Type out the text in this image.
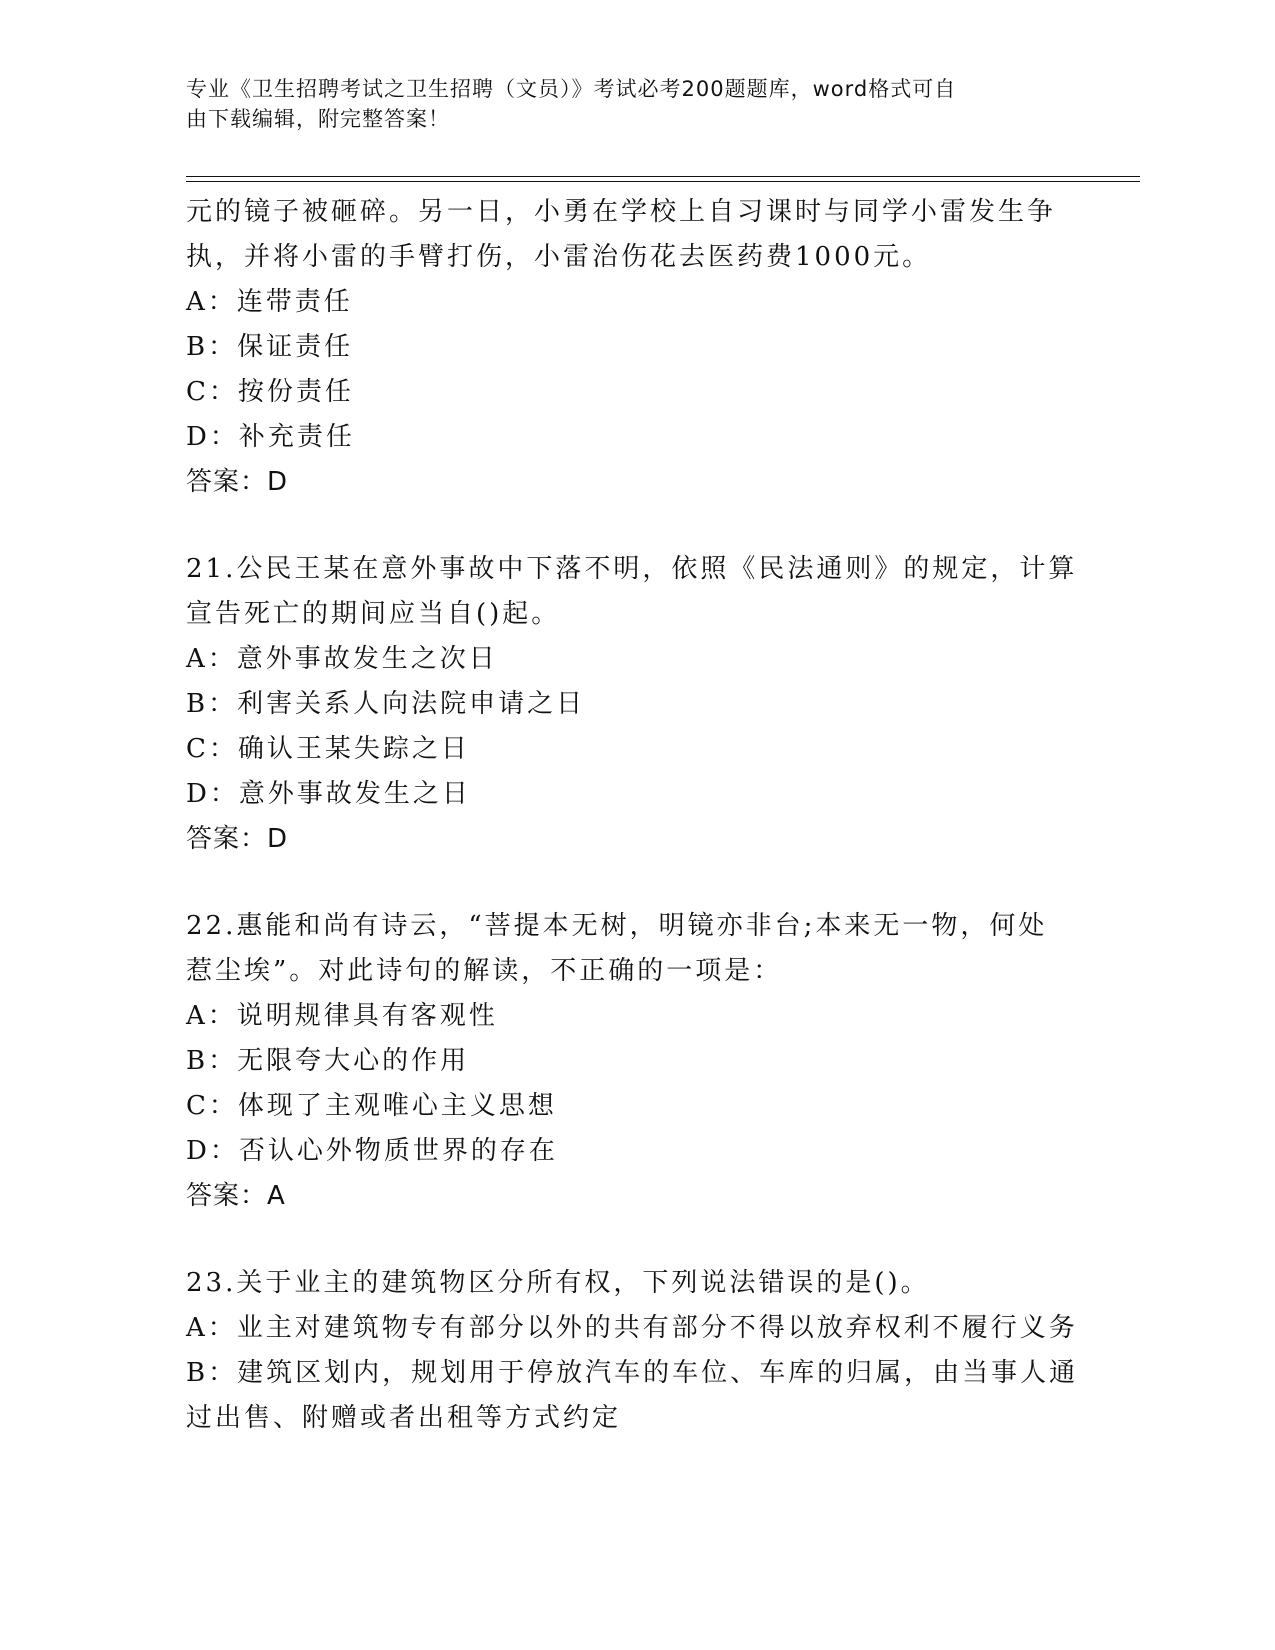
专业《卫生招聘考试之卫生招聘（文员）》考试必考200题题库，word格式可自
由下载编辑，附完整答案！
元的镜子被砸碎。另一日，小勇在学校上自习课时与同学小雷发生争
执，并将小雷的手臂打伤，小雷治伤花去医药费1000元。
A：连带责任
B：保证责任
C：按份责任
D：补充责任
答案：D
21.公民王某在意外事故中下落不明，依照《民法通则》的规定，计算
宣告死亡的期间应当自()起。
A：意外事故发生之次日
B：利害关系人向法院申请之日
C：确认王某失踪之日
D：意外事故发生之日
答案：D
22.惠能和尚有诗云，“菩提本无树，明镜亦非台;本来无一物，何处
惹尘埃”。对此诗句的解读，不正确的一项是：
A：说明规律具有客观性
B：无限夸大心的作用
C：体现了主观唯心主义思想
D：否认心外物质世界的存在
答案：A
23.关于业主的建筑物区分所有权，下列说法错误的是()。
A：业主对建筑物专有部分以外的共有部分不得以放弃权利不履行义务
B：建筑区划内，规划用于停放汽车的车位、车库的归属，由当事人通
过出售、附赠或者出租等方式约定
